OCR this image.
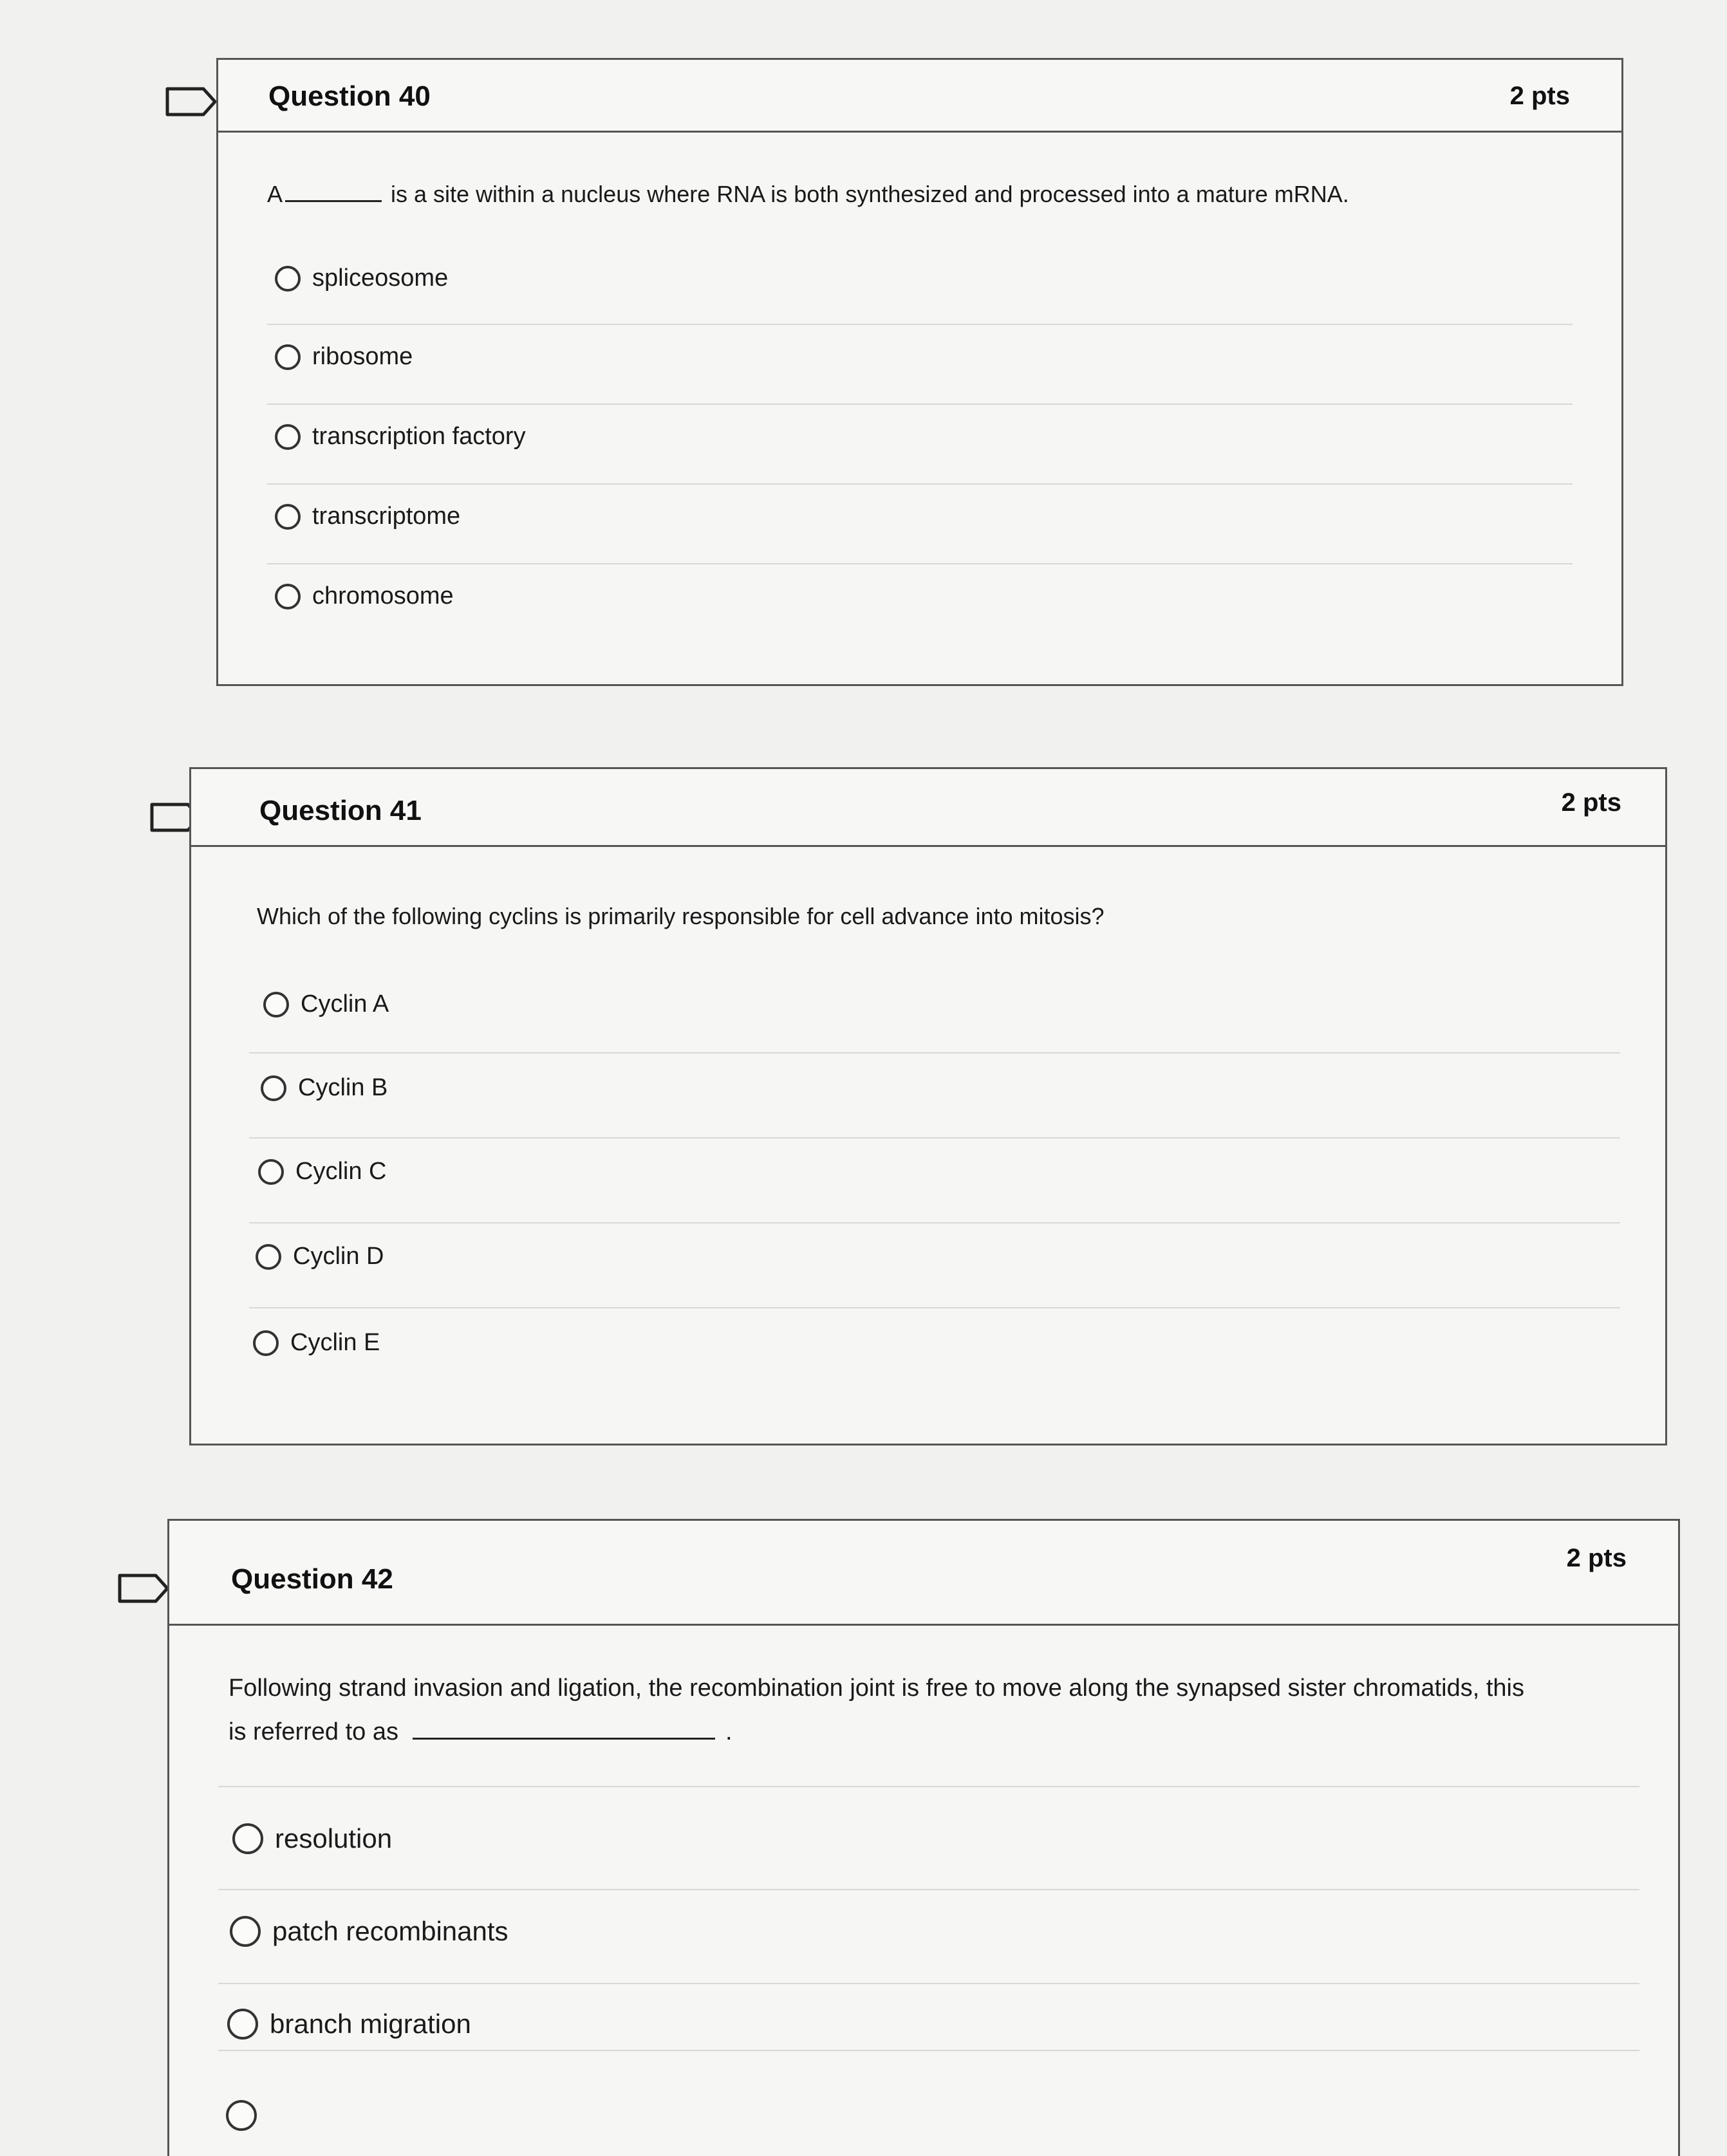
Question 40	2 pts
A	is a site within a nucleus where RNA is both synthesized and processed into a mature mRNA.
spliceosome
ribosome
transcription factory
transcriptome
chromosome
Question 41	2 pts
Which of the following cyclins is primarily responsible for cell advance into mitosis?
Cyclin A
Cyclin B
Cyclin C
Cyclin D
Cyclin E
Question 42
2 pts
Following strand invasion and ligation, the recombination joint is free to move along the synapsed sister chromatids, this
is referred to as	.
resolution
patch recombinants
branch migration
